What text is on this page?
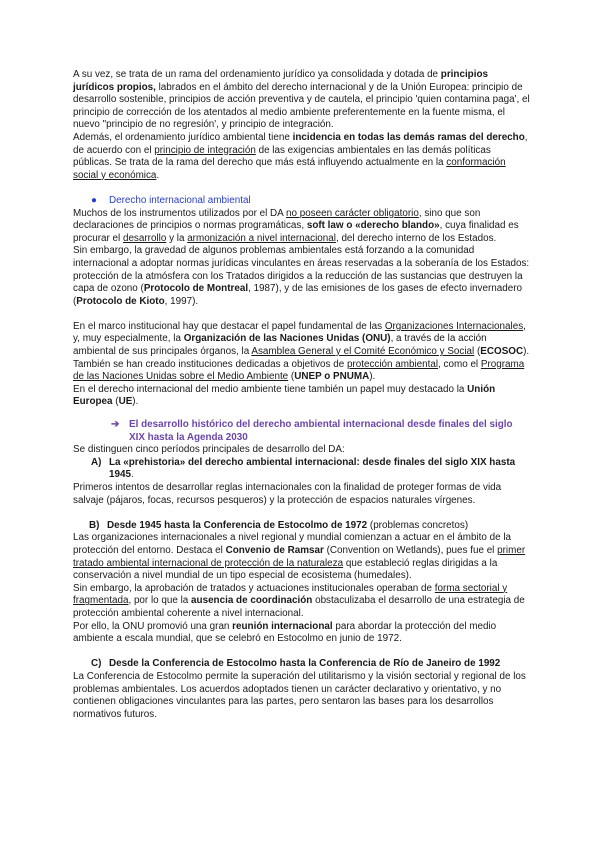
A su vez, se trata de un rama del ordenamiento jurídico ya consolidada y dotada de principios jurídicos propios, labrados en el ámbito del derecho internacional y de la Unión Europea: principio de desarrollo sostenible, principios de acción preventiva y de cautela, el principio 'quien contamina paga', el principio de corrección de los atentados al medio ambiente preferentemente en la fuente misma, el nuevo "principio de no regresión', y principio de integración.

Además, el ordenamiento jurídico ambiental tiene incidencia en todas las demás ramas del derecho, de acuerdo con el principio de integración de las exigencias ambientales en las demás políticas públicas. Se trata de la rama del derecho que más está influyendo actualmente en la conformación social y económica.

● Derecho internacional ambiental

Muchos de los instrumentos utilizados por el DA no poseen carácter obligatorio, sino que son declaraciones de principios o normas programáticas, soft law o «derecho blando», cuya finalidad es procurar el desarrollo y la armonización a nivel internacional, del derecho interno de los Estados.

Sin embargo, la gravedad de algunos problemas ambientales está forzando a la comunidad internacional a adoptar normas jurídicas vinculantes en áreas reservadas a la soberanía de los Estados: protección de la atmósfera con los Tratados dirigidos a la reducción de las sustancias que destruyen la capa de ozono (Protocolo de Montreal, 1987), y de las emisiones de los gases de efecto invernadero (Protocolo de Kioto, 1997).

En el marco institucional hay que destacar el papel fundamental de las Organizaciones Internacionales, y, muy especialmente, la Organización de las Naciones Unidas (ONU), a través de la acción ambiental de sus principales órganos, la Asamblea General y el Comité Económico y Social (ECOSOC). También se han creado instituciones dedicadas a objetivos de protección ambiental, como el Programa de las Naciones Unidas sobre el Medio Ambiente (UNEP o PNUMA).

En el derecho internacional del medio ambiente tiene también un papel muy destacado la Unión Europea (UE).

➔ El desarrollo histórico del derecho ambiental internacional desde finales del siglo XIX hasta la Agenda 2030

Se distinguen cinco períodos principales de desarrollo del DA:

A) La «prehistoria» del derecho ambiental internacional: desde finales del siglo XIX hasta 1945.

Primeros intentos de desarrollar reglas internacionales con la finalidad de proteger formas de vida salvaje (pájaros, focas, recursos pesqueros) y la protección de espacios naturales vírgenes.

B) Desde 1945 hasta la Conferencia de Estocolmo de 1972 (problemas concretos)

Las organizaciones internacionales a nivel regional y mundial comienzan a actuar en el ámbito de la protección del entorno. Destaca el Convenio de Ramsar (Convention on Wetlands), pues fue el primer tratado ambiental internacional de protección de la naturaleza que estableció reglas dirigidas a la conservación a nivel mundial de un tipo especial de ecosistema (humedales).

Sin embargo, la aprobación de tratados y actuaciones institucionales operaban de forma sectorial y fragmentada, por lo que la ausencia de coordinación obstaculizaba el desarrollo de una estrategia de protección ambiental coherente a nivel internacional.

Por ello, la ONU promovió una gran reunión internacional para abordar la protección del medio ambiente a escala mundial, que se celebró en Estocolmo en junio de 1972.

C) Desde la Conferencia de Estocolmo hasta la Conferencia de Río de Janeiro de 1992

La Conferencia de Estocolmo permite la superación del utilitarismo y la visión sectorial y regional de los problemas ambientales. Los acuerdos adoptados tienen un carácter declarativo y orientativo, y no contienen obligaciones vinculantes para las partes, pero sentaron las bases para los desarrollos normativos futuros.
